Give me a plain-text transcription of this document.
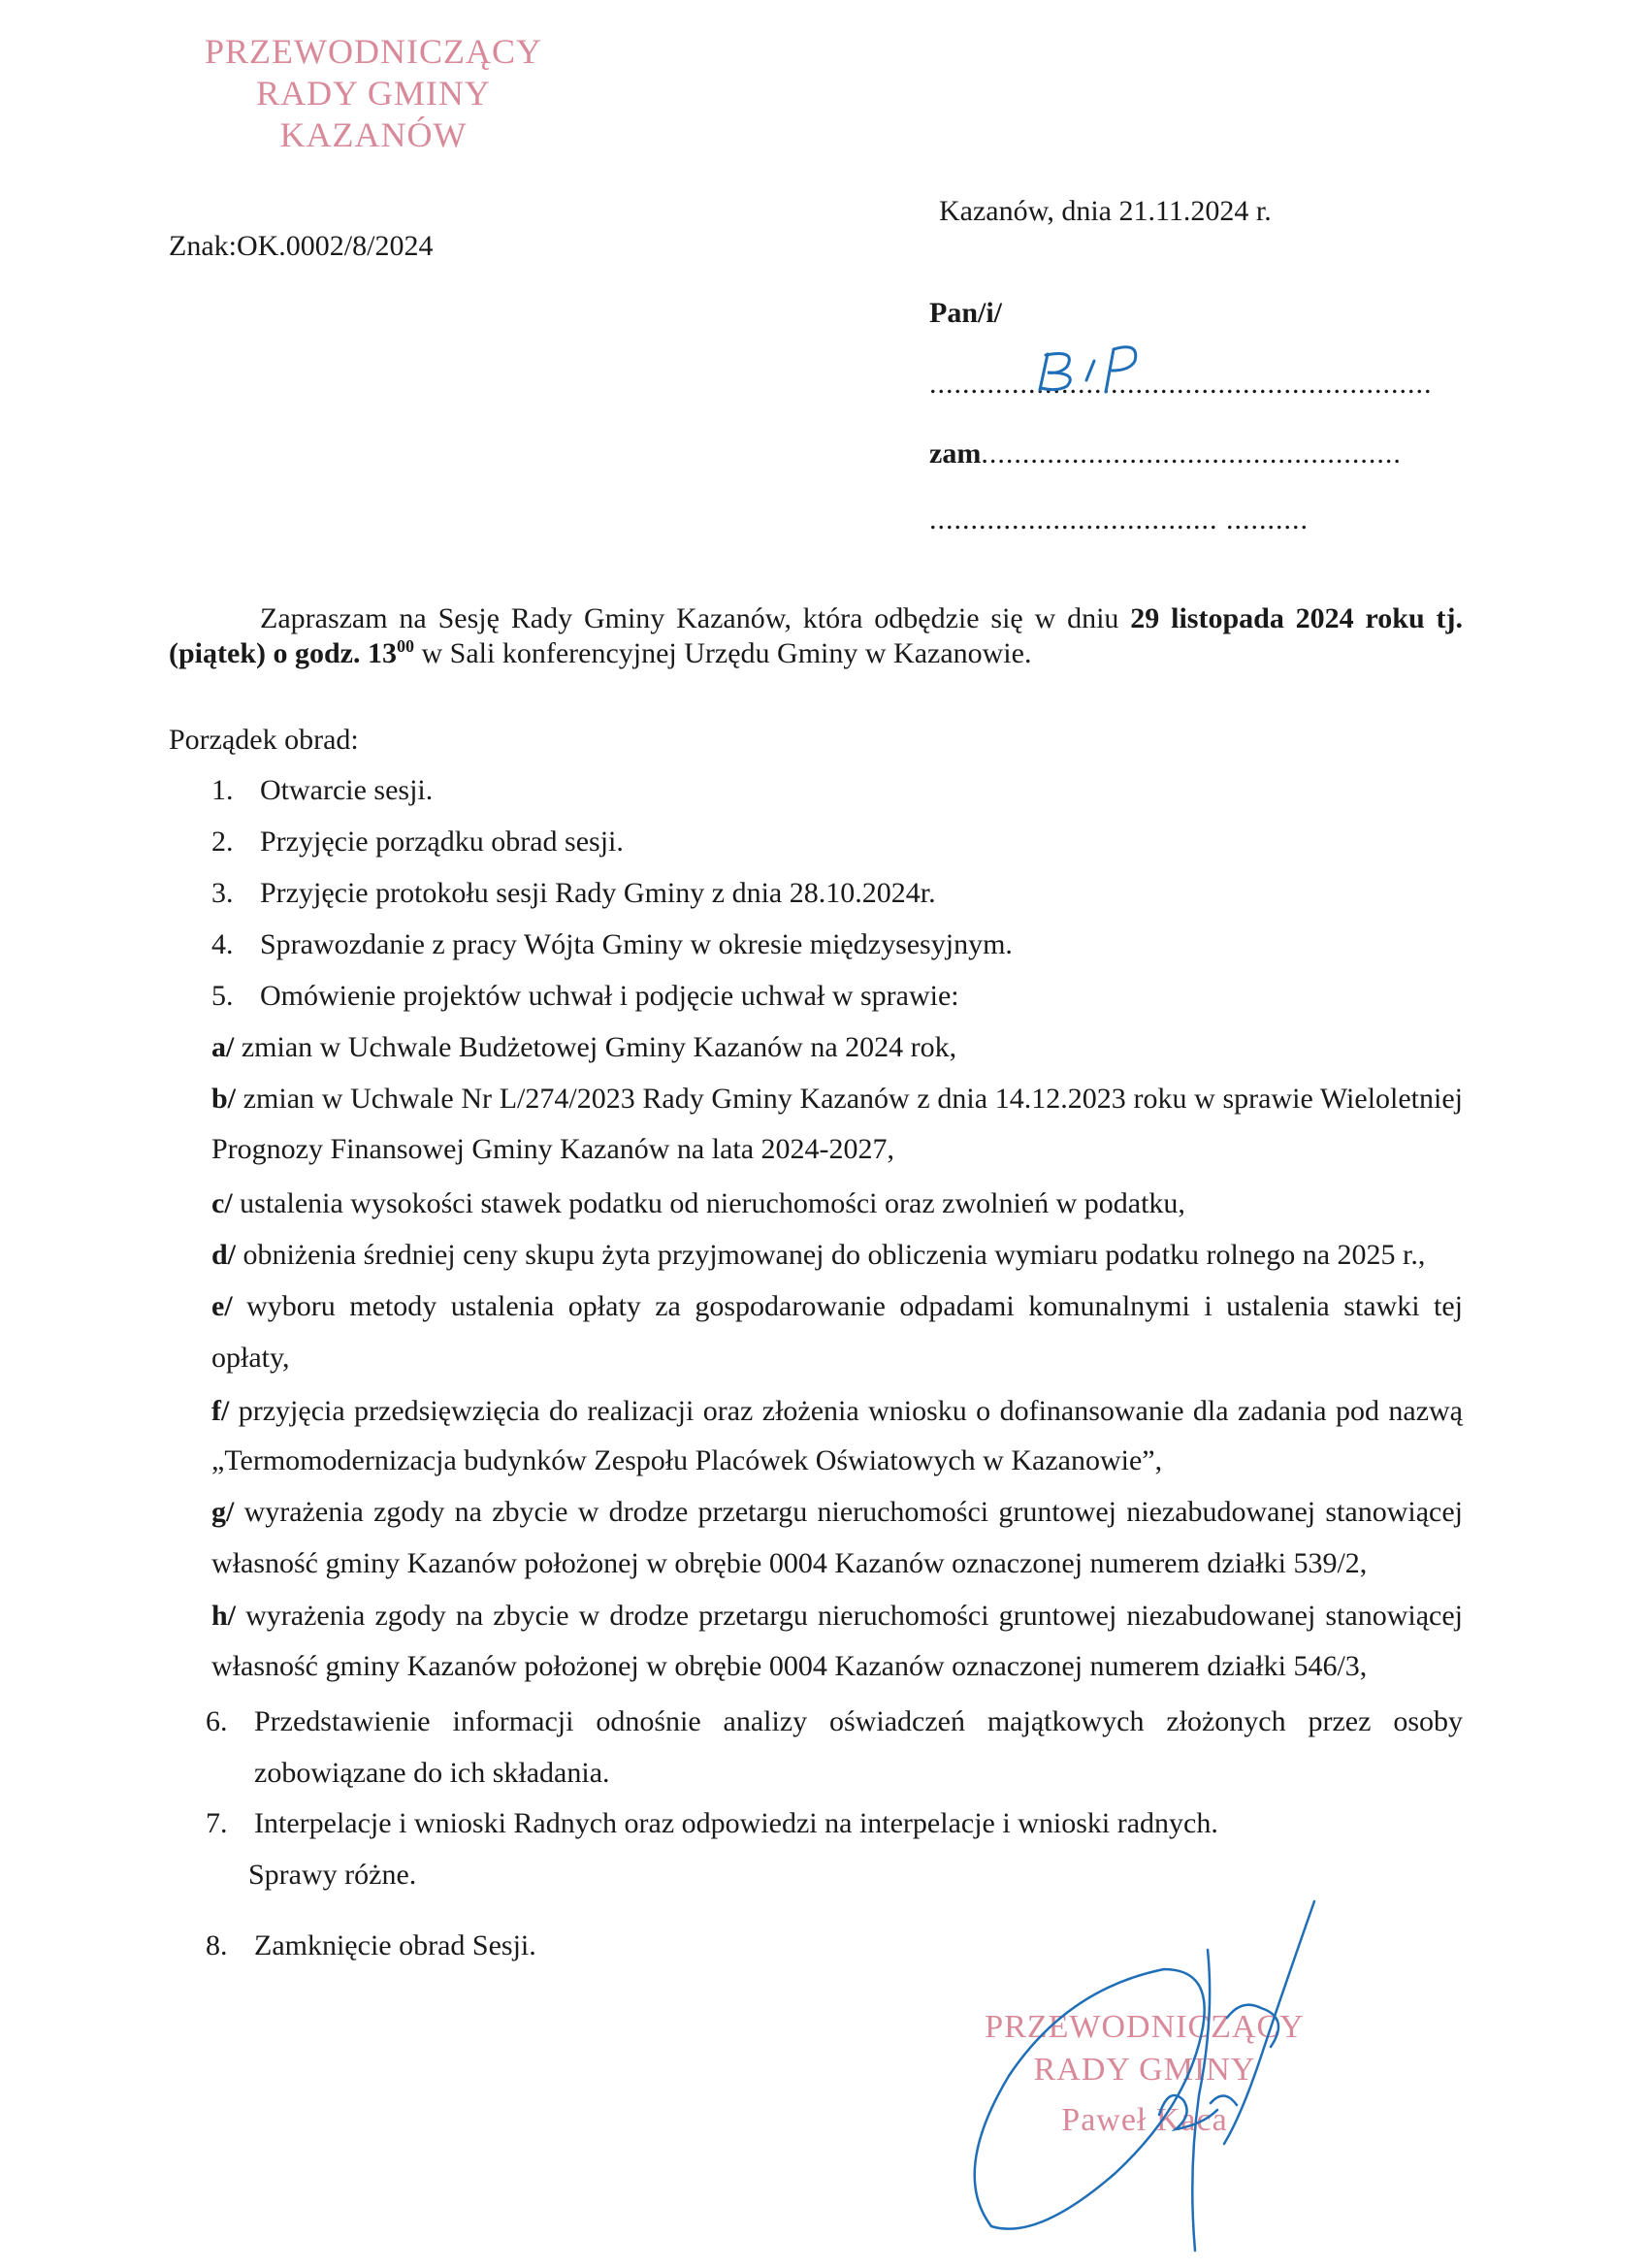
PRZEWODNICZĄCY
RADY GMINY
KAZANÓW
Kazanów, dnia 21.11.2024 r.
Znak:OK.0002/8/2024
Pan/i/
.............................................................
zam...................................................
................................... ..........
Zapraszam na Sesję Rady Gminy Kazanów, która odbędzie się w dniu 29 listopada 2024 roku tj.
(piątek) o godz. $13^{00}$ w Sali konferencyjnej Urzędu Gminy w Kazanowie.
Porządek obrad:
1. Otwarcie sesji.
2. Przyjęcie porządku obrad sesji.
3. Przyjęcie protokołu sesji Rady Gminy z dnia 28.10.2024r.
4. Sprawozdanie z pracy Wójta Gminy w okresie międzysesyjnym.
5. Omówienie projektów uchwał i podjęcie uchwał w sprawie:
a/ zmian w Uchwale Budżetowej Gminy Kazanów na 2024 rok,
b/ zmian w Uchwale Nr L/274/2023 Rady Gminy Kazanów z dnia 14.12.2023 roku w sprawie Wieloletniej
Prognozy Finansowej Gminy Kazanów na lata 2024-2027,
c/ ustalenia wysokości stawek podatku od nieruchomości oraz zwolnień w podatku,
d/ obniżenia średniej ceny skupu żyta przyjmowanej do obliczenia wymiaru podatku rolnego na 2025 r.,
e/ wyboru metody ustalenia opłaty za gospodarowanie odpadami komunalnymi i ustalenia stawki tej
opłaty,
f/ przyjęcia przedsięwzięcia do realizacji oraz złożenia wniosku o dofinansowanie dla zadania pod nazwą
„Termomodernizacja budynków Zespołu Placówek Oświatowych w Kazanowie”,
g/ wyrażenia zgody na zbycie w drodze przetargu nieruchomości gruntowej niezabudowanej stanowiącej
własność gminy Kazanów położonej w obrębie 0004 Kazanów oznaczonej numerem działki 539/2,
h/ wyrażenia zgody na zbycie w drodze przetargu nieruchomości gruntowej niezabudowanej stanowiącej
własność gminy Kazanów położonej w obrębie 0004 Kazanów oznaczonej numerem działki 546/3,
6. Przedstawienie informacji odnośnie analizy oświadczeń majątkowych złożonych przez osoby
zobowiązane do ich składania.
7. Interpelacje i wnioski Radnych oraz odpowiedzi na interpelacje i wnioski radnych.
Sprawy różne.
8. Zamknięcie obrad Sesji.
PRZEWODNICZĄCY
RADY GMINY
Paweł Kaca
